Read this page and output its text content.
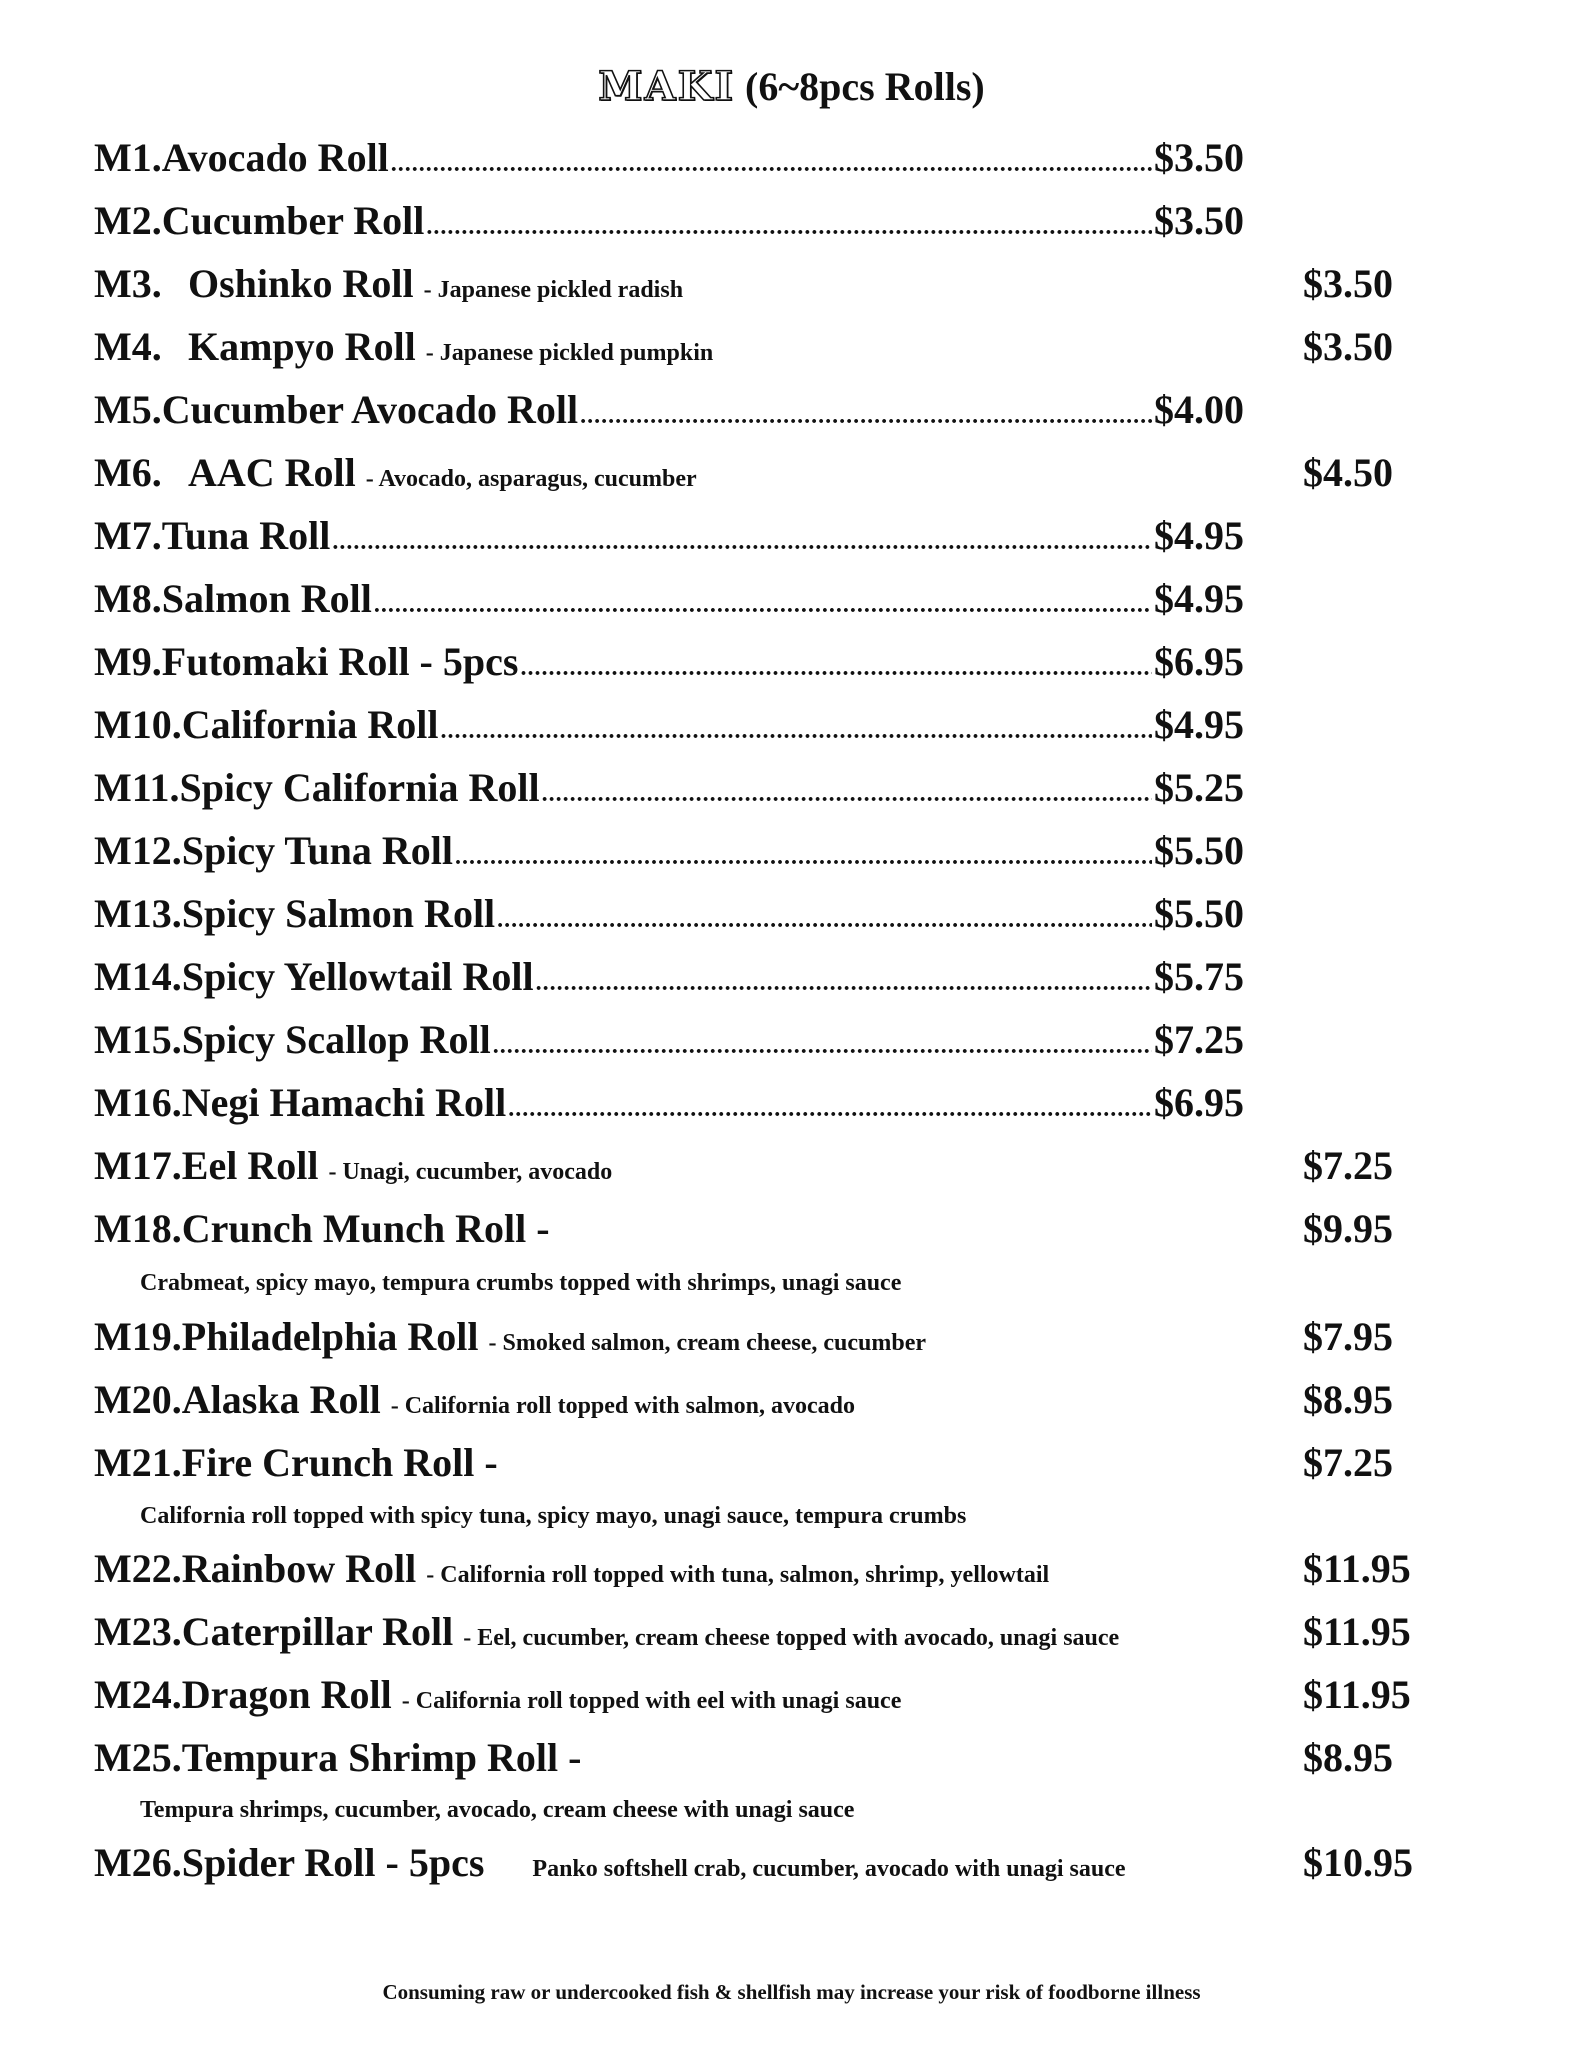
MAKI (6~8pcs Rolls)
M1. Avocado Roll .....	$3.50
M2. Cucumber Roll .....	$3.50
M3. Oshinko Roll - Japanese pickled radish	$3.50
M4. Kampyo Roll - Japanese pickled pumpkin	$3.50
M5. Cucumber Avocado Roll .....	$4.00
M6. AAC Roll - Avocado, asparagus, cucumber	$4.50
M7. Tuna Roll .....	$4.95
M8. Salmon Roll .....	$4.95
M9. Futomaki Roll - 5pcs .....	$6.95
M10. California Roll .....	$4.95
M11. Spicy California Roll .....	$5.25
M12. Spicy Tuna Roll .....	$5.50
M13. Spicy Salmon Roll .....	$5.50
M14. Spicy Yellowtail Roll .....	$5.75
M15. Spicy Scallop Roll .....	$7.25
M16. Negi Hamachi Roll .....	$6.95
M17. Eel Roll - Unagi, cucumber, avocado	$7.25
M18. Crunch Munch Roll -	$9.95
Crabmeat, spicy mayo, tempura crumbs topped with shrimps, unagi sauce
M19. Philadelphia Roll - Smoked salmon, cream cheese, cucumber	$7.95
M20. Alaska Roll - California roll topped with salmon, avocado	$8.95
M21. Fire Crunch Roll -	$7.25
California roll topped with spicy tuna, spicy mayo, unagi sauce, tempura crumbs
M22. Rainbow Roll - California roll topped with tuna, salmon, shrimp, yellowtail	$11.95
M23. Caterpillar Roll - Eel, cucumber, cream cheese topped with avocado, unagi sauce	$11.95
M24. Dragon Roll - California roll topped with eel with unagi sauce	$11.95
M25. Tempura Shrimp Roll -	$8.95
Tempura shrimps, cucumber, avocado, cream cheese with unagi sauce
M26. Spider Roll - 5pcs Panko softshell crab, cucumber, avocado with unagi sauce	$10.95
Consuming raw or undercooked fish & shellfish may increase your risk of foodborne illness
